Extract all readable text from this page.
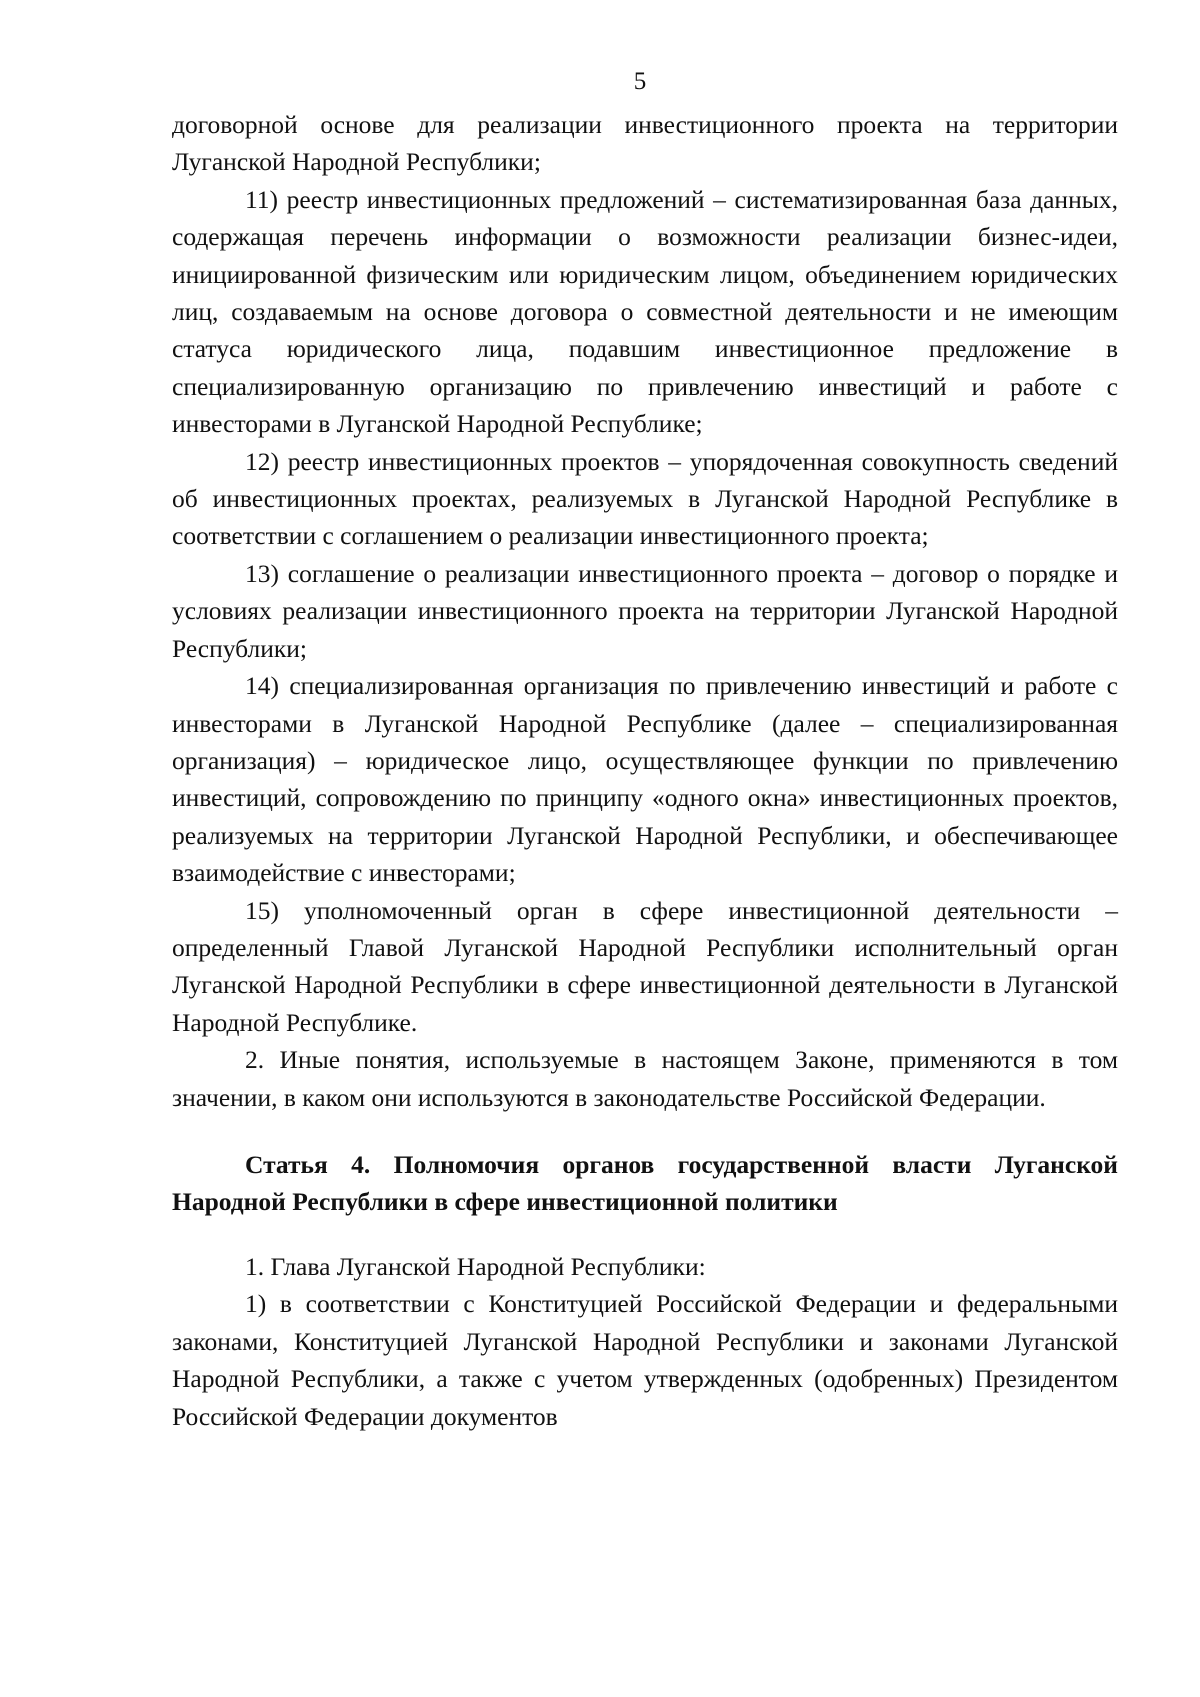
5

договорной основе для реализации инвестиционного проекта на территории Луганской Народной Республики;

11) реестр инвестиционных предложений – систематизированная база данных, содержащая перечень информации о возможности реализации бизнес-идеи, инициированной физическим или юридическим лицом, объединением юридических лиц, создаваемым на основе договора о совместной деятельности и не имеющим статуса юридического лица, подавшим инвестиционное предложение в специализированную организацию по привлечению инвестиций и работе с инвесторами в Луганской Народной Республике;

12) реестр инвестиционных проектов – упорядоченная совокупность сведений об инвестиционных проектах, реализуемых в Луганской Народной Республике в соответствии с соглашением о реализации инвестиционного проекта;

13) соглашение о реализации инвестиционного проекта – договор о порядке и условиях реализации инвестиционного проекта на территории Луганской Народной Республики;

14) специализированная организация по привлечению инвестиций и работе с инвесторами в Луганской Народной Республике (далее – специализированная организация) – юридическое лицо, осуществляющее функции по привлечению инвестиций, сопровождению по принципу «одного окна» инвестиционных проектов, реализуемых на территории Луганской Народной Республики, и обеспечивающее взаимодействие с инвесторами;

15) уполномоченный орган в сфере инвестиционной деятельности – определенный Главой Луганской Народной Республики исполнительный орган Луганской Народной Республики в сфере инвестиционной деятельности в Луганской Народной Республике.

2. Иные понятия, используемые в настоящем Законе, применяются в том значении, в каком они используются в законодательстве Российской Федерации.

Статья 4. Полномочия органов государственной власти Луганской Народной Республики в сфере инвестиционной политики

1. Глава Луганской Народной Республики:

1) в соответствии с Конституцией Российской Федерации и федеральными законами, Конституцией Луганской Народной Республики и законами Луганской Народной Республики, а также с учетом утвержденных (одобренных) Президентом Российской Федерации документов
